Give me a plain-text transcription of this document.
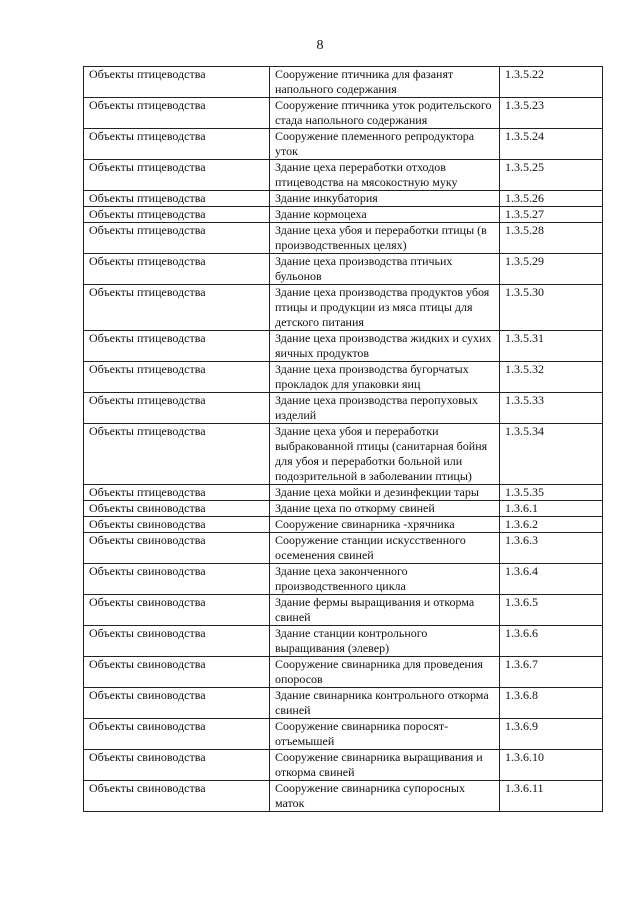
8
Объекты птицеводства	Сооружение птичника для фазанят напольного содержания	1.3.5.22
Объекты птицеводства	Сооружение птичника уток родительского стада напольного содержания	1.3.5.23
Объекты птицеводства	Сооружение племенного репродуктора уток	1.3.5.24
Объекты птицеводства	Здание цеха переработки отходов птицеводства на мясокостную муку	1.3.5.25
Объекты птицеводства	Здание инкубатория	1.3.5.26
Объекты птицеводства	Здание кормоцеха	1.3.5.27
Объекты птицеводства	Здание цеха убоя и переработки птицы (в производственных целях)	1.3.5.28
Объекты птицеводства	Здание цеха производства птичьих бульонов	1.3.5.29
Объекты птицеводства	Здание цеха производства продуктов убоя птицы и продукции из мяса птицы для детского питания	1.3.5.30
Объекты птицеводства	Здание цеха производства жидких и сухих яичных продуктов	1.3.5.31
Объекты птицеводства	Здание цеха производства бугорчатых прокладок для упаковки яиц	1.3.5.32
Объекты птицеводства	Здание цеха производства перопуховых изделий	1.3.5.33
Объекты птицеводства	Здание цеха убоя и переработки выбракованной птицы (санитарная бойня для убоя и переработки больной или подозрительной в заболевании птицы)	1.3.5.34
Объекты птицеводства	Здание цеха мойки и дезинфекции тары	1.3.5.35
Объекты свиноводства	Здание цеха по откорму свиней	1.3.6.1
Объекты свиноводства	Сооружение свинарника -хрячника	1.3.6.2
Объекты свиноводства	Сооружение станции искусственного осеменения свиней	1.3.6.3
Объекты свиноводства	Здание цеха законченного производственного цикла	1.3.6.4
Объекты свиноводства	Здание фермы выращивания и откорма свиней	1.3.6.5
Объекты свиноводства	Здание станции контрольного выращивания (элевер)	1.3.6.6
Объекты свиноводства	Сооружение свинарника для проведения опоросов	1.3.6.7
Объекты свиноводства	Здание свинарника контрольного откорма свиней	1.3.6.8
Объекты свиноводства	Сооружение свинарника поросят-отъемышей	1.3.6.9
Объекты свиноводства	Сооружение свинарника выращивания и откорма свиней	1.3.6.10
Объекты свиноводства	Сооружение свинарника супоросных маток	1.3.6.11
